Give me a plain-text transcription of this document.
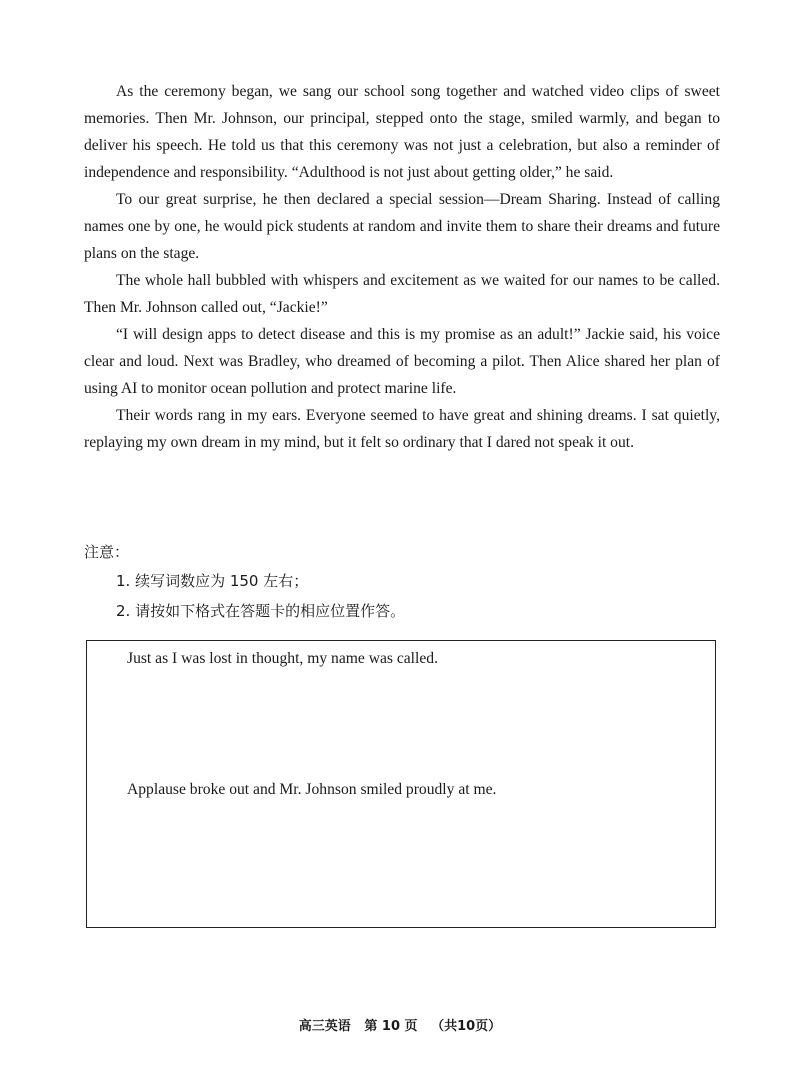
As the ceremony began, we sang our school song together and watched video clips of sweet memories. Then Mr. Johnson, our principal, stepped onto the stage, smiled warmly, and began to deliver his speech. He told us that this ceremony was not just a celebration, but also a reminder of independence and responsibility. “Adulthood is not just about getting older,” he said.

To our great surprise, he then declared a special session—Dream Sharing. Instead of calling names one by one, he would pick students at random and invite them to share their dreams and future plans on the stage.

The whole hall bubbled with whispers and excitement as we waited for our names to be called. Then Mr. Johnson called out, “Jackie!”

“I will design apps to detect disease and this is my promise as an adult!” Jackie said, his voice clear and loud. Next was Bradley, who dreamed of becoming a pilot. Then Alice shared her plan of using AI to monitor ocean pollution and protect marine life.

Their words rang in my ears. Everyone seemed to have great and shining dreams. I sat quietly, replaying my own dream in my mind, but it felt so ordinary that I dared not speak it out.

注意：

1. 续写词数应为 150 左右；
2. 请按如下格式在答题卡的相应位置作答。
Just as I was lost in thought, my name was called.
Applause broke out and Mr. Johnson smiled proudly at me.
高三英语   第 10 页   （共10页）
